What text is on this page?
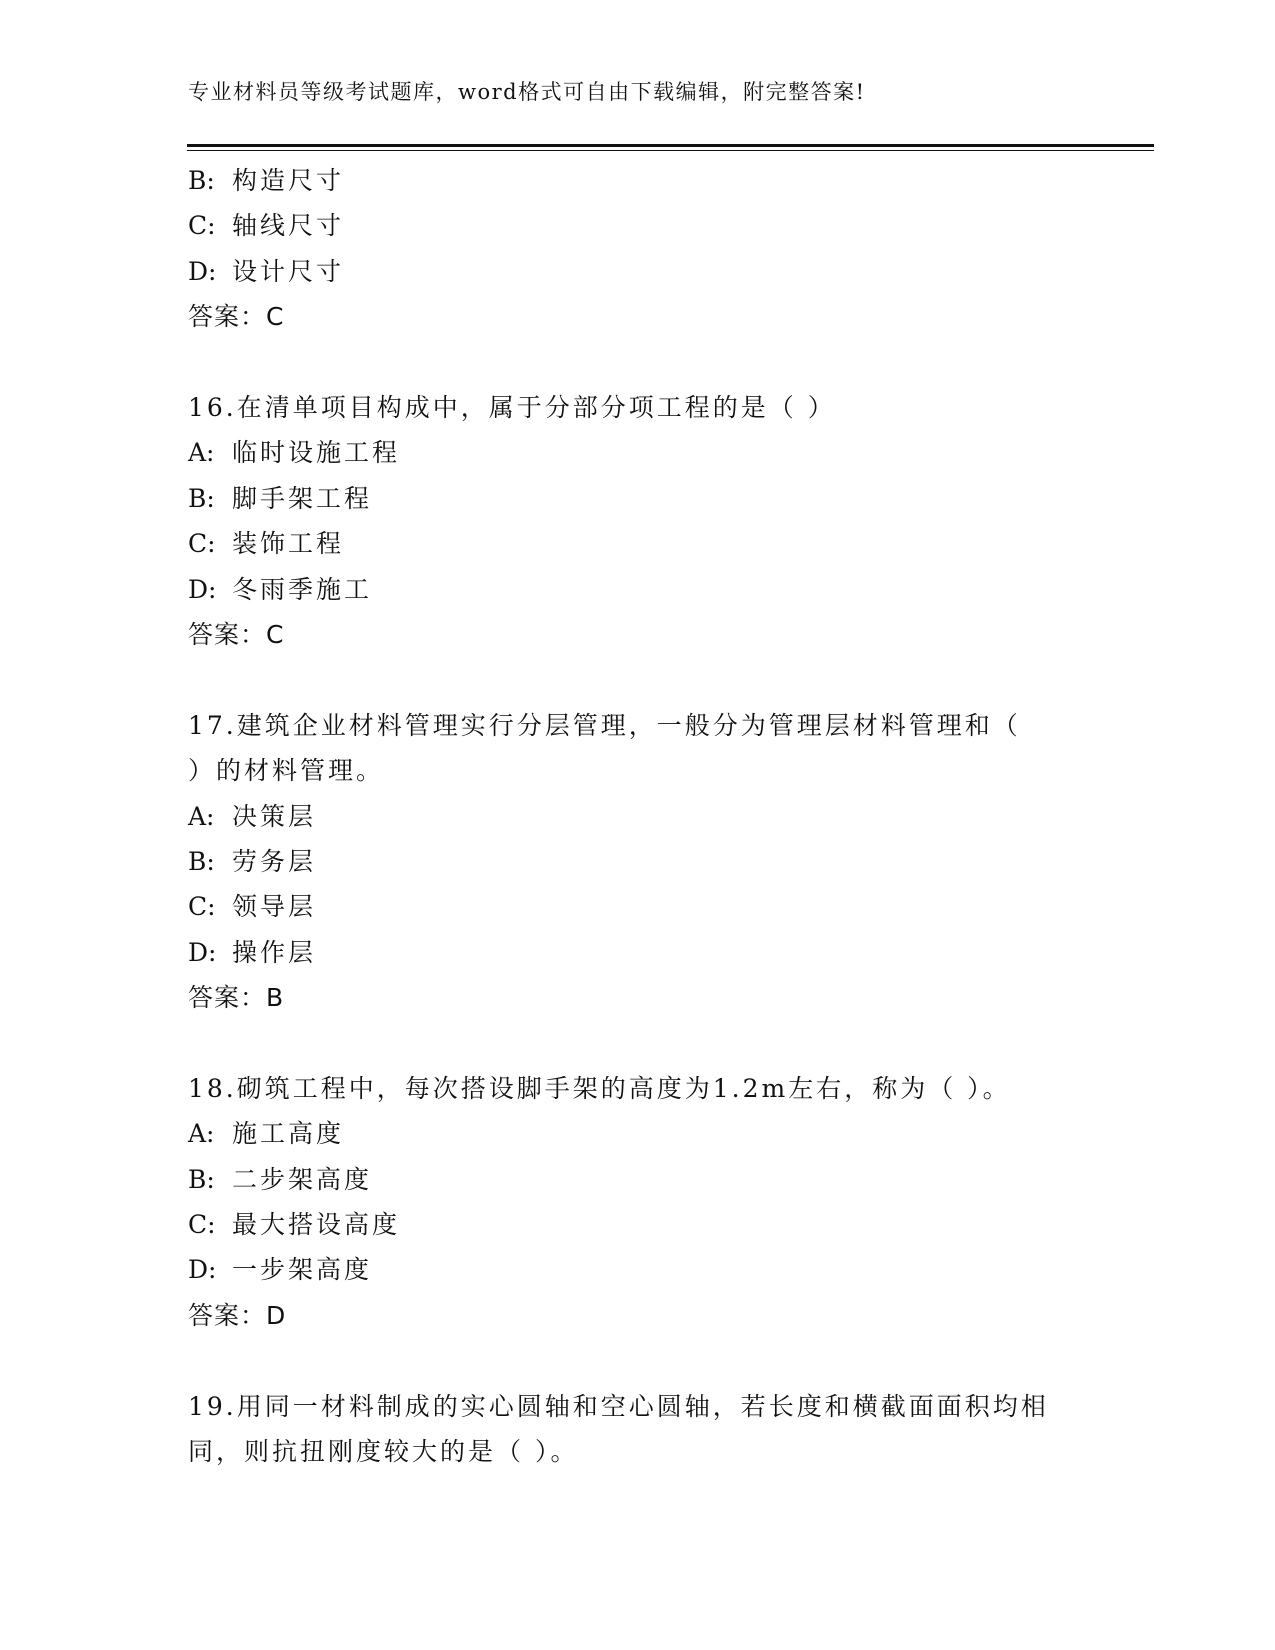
专业材料员等级考试题库，word格式可自由下载编辑，附完整答案!
B: 构造尺寸
C: 轴线尺寸
D: 设计尺寸
答案：C
16.在清单项目构成中，属于分部分项工程的是（ ）
A: 临时设施工程
B: 脚手架工程
C: 装饰工程
D: 冬雨季施工
答案：C
17.建筑企业材料管理实行分层管理，一般分为管理层材料管理和（
）的材料管理。
A: 决策层
B: 劳务层
C: 领导层
D: 操作层
答案：B
18.砌筑工程中，每次搭设脚手架的高度为1.2m左右，称为（ ）。
A: 施工高度
B: 二步架高度
C: 最大搭设高度
D: 一步架高度
答案：D
19.用同一材料制成的实心圆轴和空心圆轴，若长度和横截面面积均相
同，则抗扭刚度较大的是（ ）。
